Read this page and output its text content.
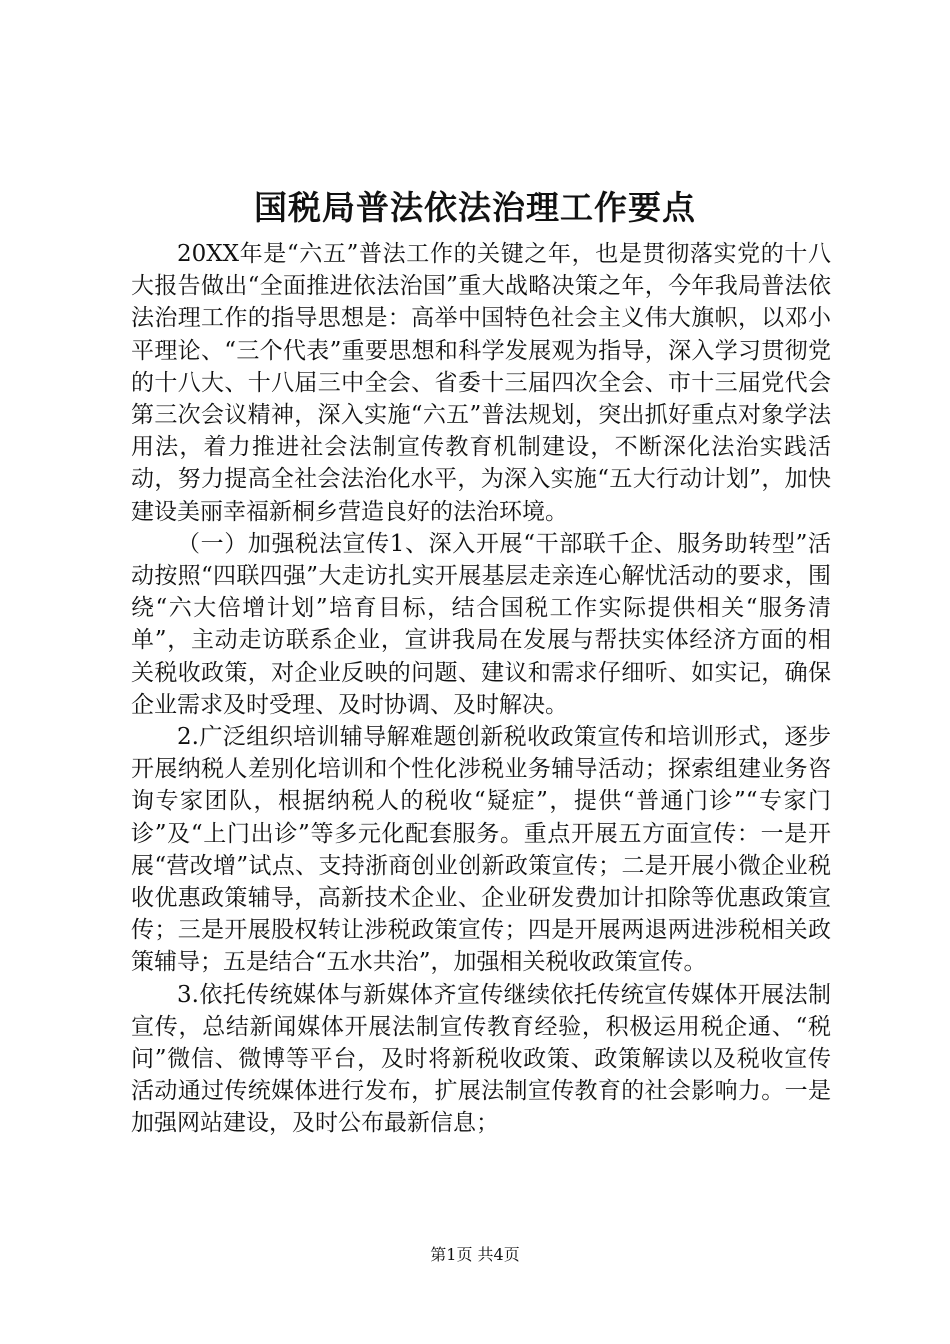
国税局普法依法治理工作要点

20XX年是“六五”普法工作的关键之年，也是贯彻落实党的十八大报告做出“全面推进依法治国”重大战略决策之年，今年我局普法依法治理工作的指导思想是：高举中国特色社会主义伟大旗帜，以邓小平理论、“三个代表”重要思想和科学发展观为指导，深入学习贯彻党的十八大、十八届三中全会、省委十三届四次全会、市十三届党代会第三次会议精神，深入实施“六五”普法规划，突出抓好重点对象学法用法，着力推进社会法制宣传教育机制建设，不断深化法治实践活动，努力提高全社会法治化水平，为深入实施“五大行动计划”，加快建设美丽幸福新桐乡营造良好的法治环境。

（一）加强税法宣传1、深入开展“干部联千企、服务助转型”活动按照“四联四强”大走访扎实开展基层走亲连心解忧活动的要求，围绕“六大倍增计划”培育目标，结合国税工作实际提供相关“服务清单”，主动走访联系企业，宣讲我局在发展与帮扶实体经济方面的相关税收政策，对企业反映的问题、建议和需求仔细听、如实记，确保企业需求及时受理、及时协调、及时解决。

2.广泛组织培训辅导解难题创新税收政策宣传和培训形式，逐步开展纳税人差别化培训和个性化涉税业务辅导活动；探索组建业务咨询专家团队，根据纳税人的税收“疑症”，提供“普通门诊”“专家门诊”及“上门出诊”等多元化配套服务。重点开展五方面宣传：一是开展“营改增”试点、支持浙商创业创新政策宣传；二是开展小微企业税收优惠政策辅导，高新技术企业、企业研发费加计扣除等优惠政策宣传；三是开展股权转让涉税政策宣传；四是开展两退两进涉税相关政策辅导；五是结合“五水共治”，加强相关税收政策宣传。

3.依托传统媒体与新媒体齐宣传继续依托传统宣传媒体开展法制宣传，总结新闻媒体开展法制宣传教育经验，积极运用税企通、“税问”微信、微博等平台，及时将新税收政策、政策解读以及税收宣传活动通过传统媒体进行发布，扩展法制宣传教育的社会影响力。一是加强网站建设，及时公布最新信息；

第1页 共4页
